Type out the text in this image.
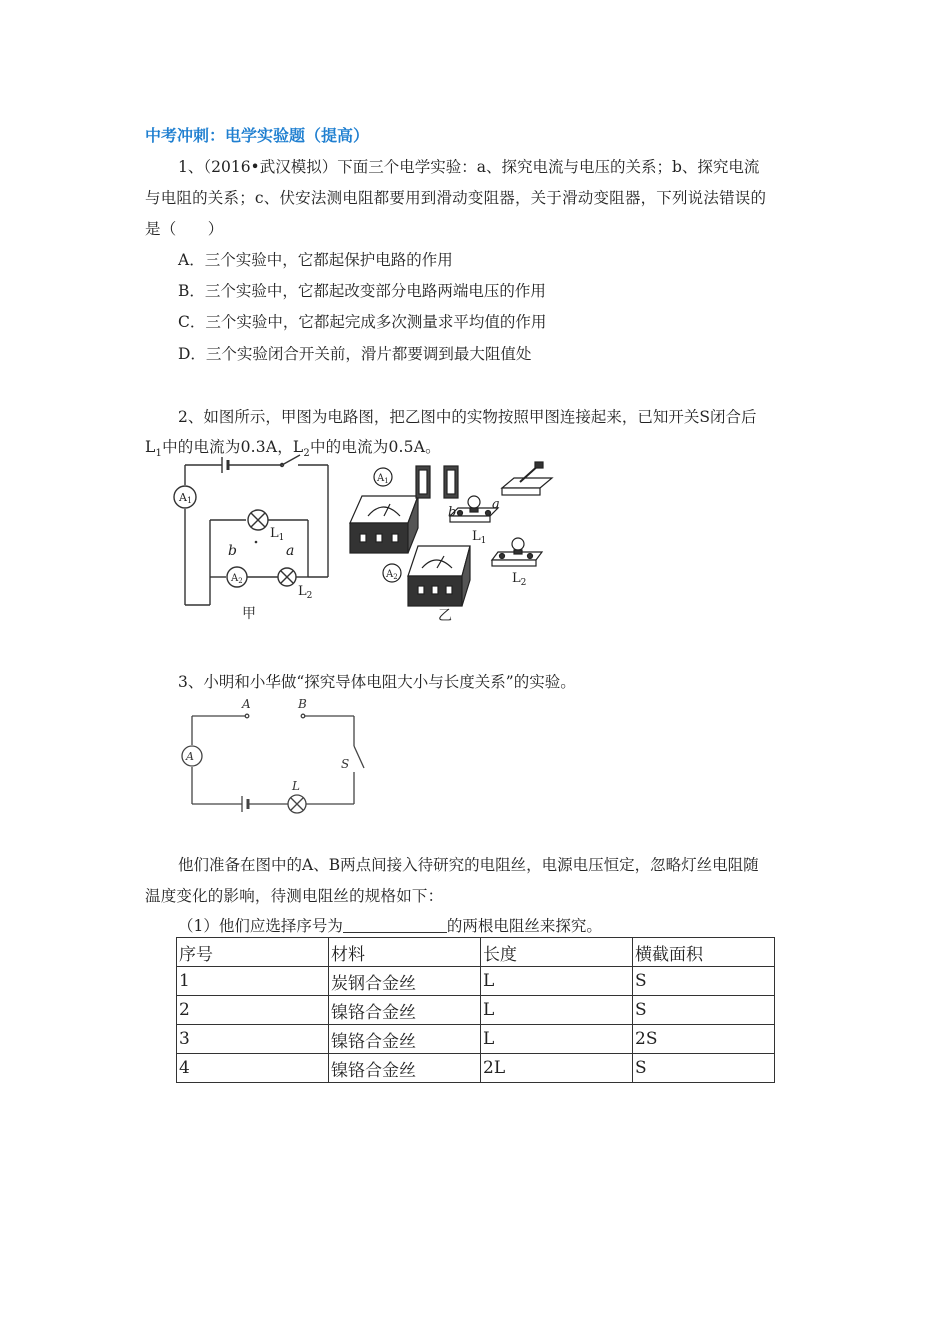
中考冲刺：电学实验题（提高）
1、（2016•武汉模拟）下面三个电学实验：a、探究电流与电压的关系；b、探究电流
与电阻的关系；c、伏安法测电阻都要用到滑动变阻器，关于滑动变阻器，下列说法错误的
是（　　）
A．三个实验中，它都起保护电路的作用
B．三个实验中，它都起改变部分电路两端电压的作用
C．三个实验中，它都起完成多次测量求平均值的作用
D．三个实验闭合开关前，滑片都要调到最大阻值处
2、如图所示，甲图为电路图，把乙图中的实物按照甲图连接起来，已知开关S闭合后
$L_1$中的电流为0.3A，$L_2$中的电流为0.5A。
A1
$A_2$
$L_1$
$L_2$
b	a
甲
$A_1$
$A_2$
b
a
$L_1$
$L_2$
乙
3、小明和小华做“探究导体电阻大小与长度关系”的实验。
A
A	B
S
L
他们准备在图中的A、B两点间接入待研究的电阻丝，电源电压恒定，忽略灯丝电阻随
温度变化的影响，待测电阻丝的规格如下：
（1）他们应选择序号为	的两根电阻丝来探究。
序号	材料	长度	横截面积
1	炭钢合金丝	L	S
2	镍铬合金丝	L	S
3	镍铬合金丝	L	2S
4	镍铬合金丝	2L	S
